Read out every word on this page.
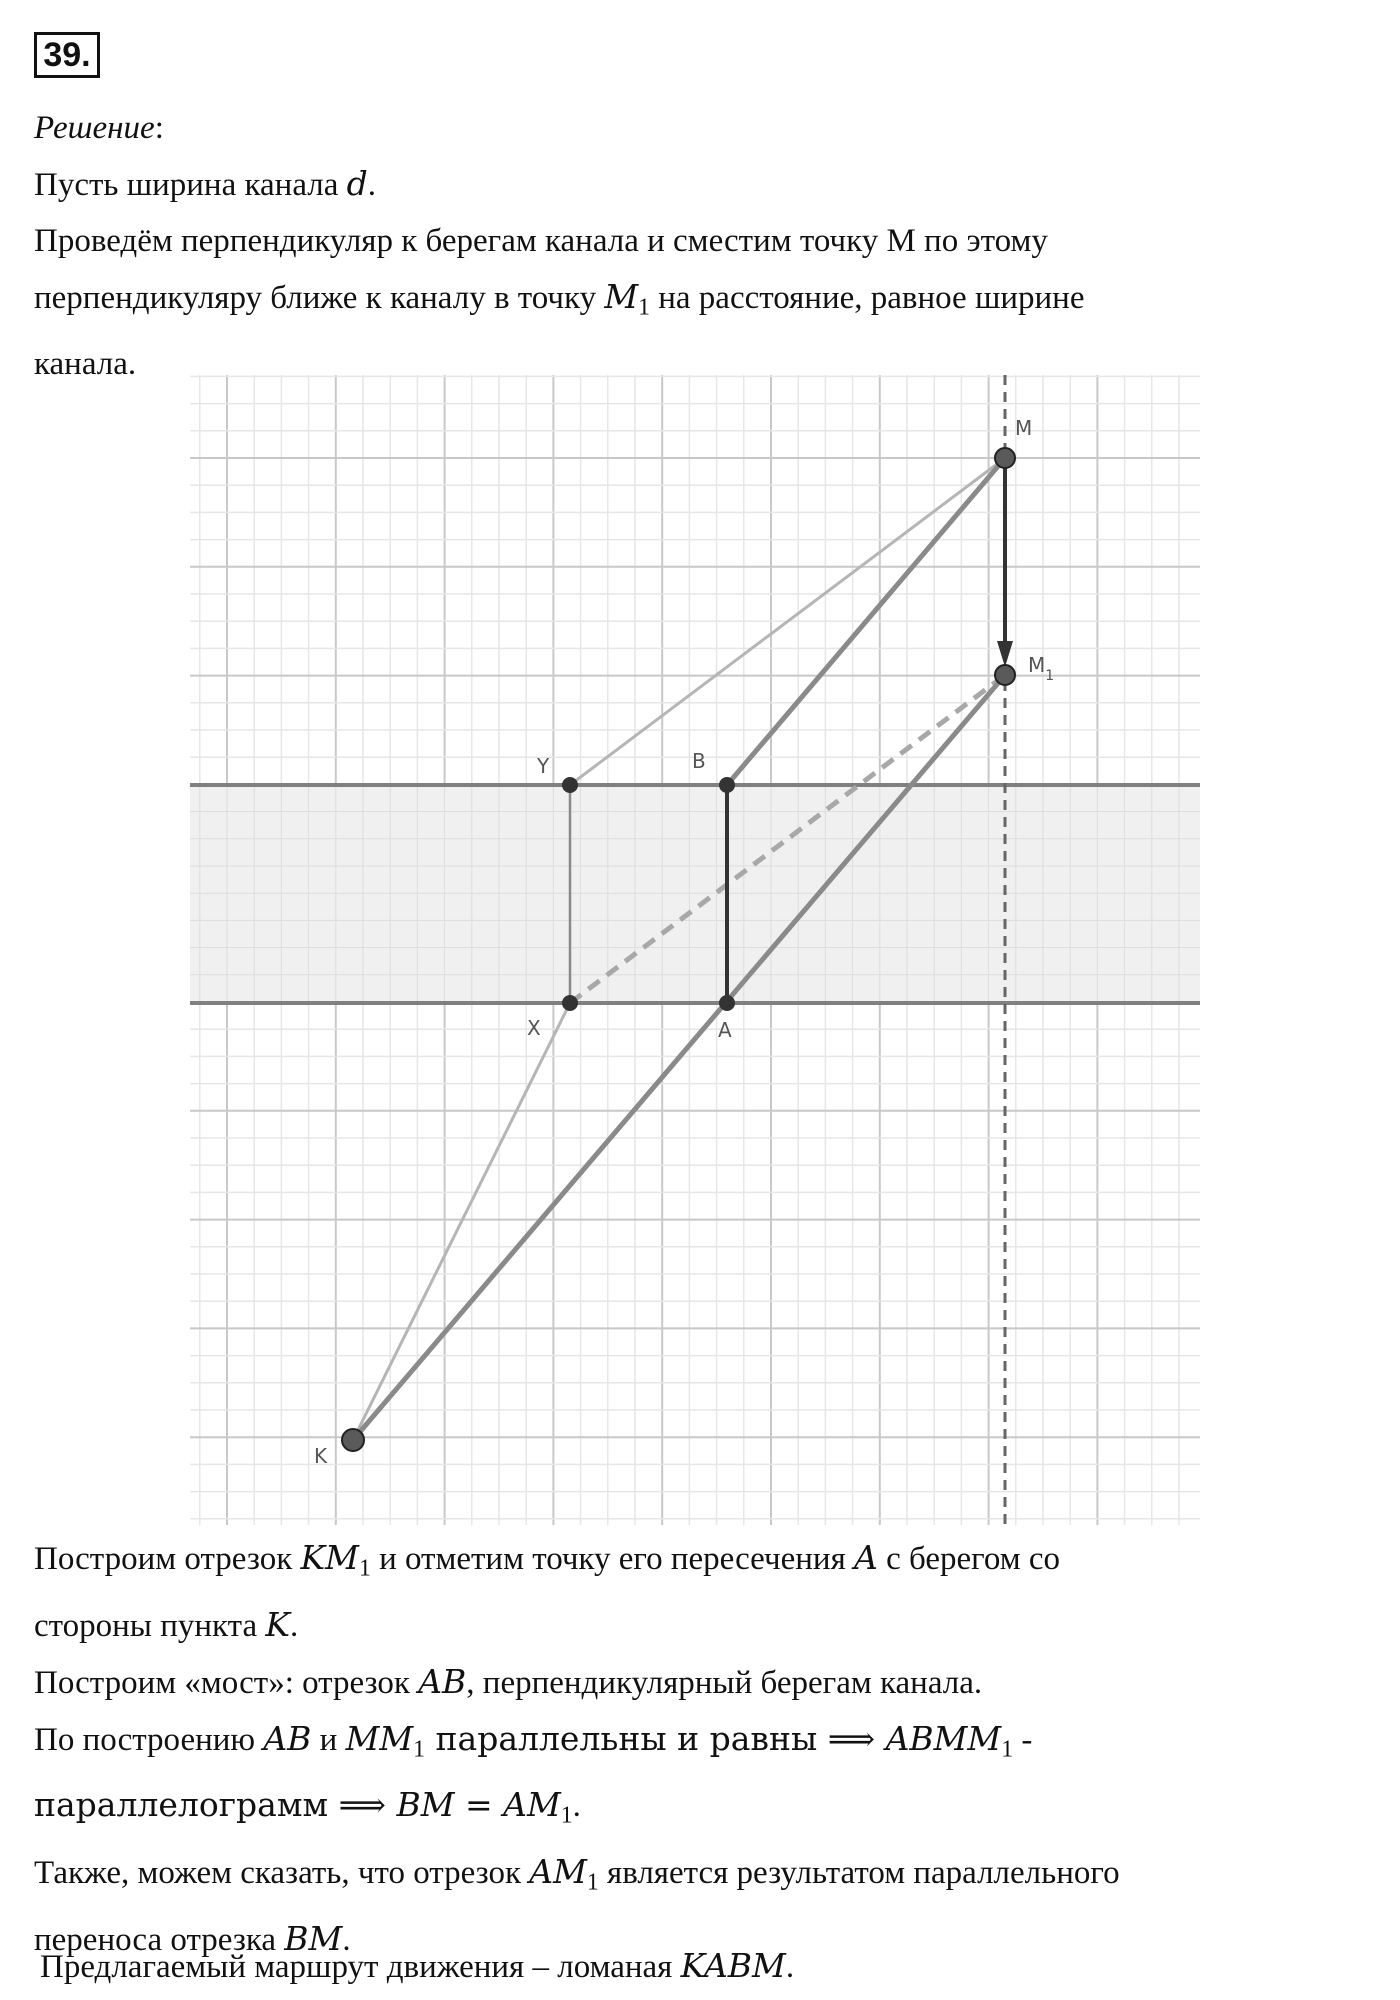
39.
Решение:
Пусть ширина канала d.
Проведём перпендикуляр к берегам канала и сместим точку M по этому
перпендикуляру ближе к каналу в точку $M_1$ на расстояние, равное ширине
канала.
M
$M_1$
Y	B
X	A
K
Построим отрезок $KM_1$ и отметим точку его пересечения A с берегом со
стороны пункта K.
Построим «мост»: отрезок AB, перпендикулярный берегам канала.
По построению AB и $MM_1$ параллельны и равны ⟹ $ABMM_1$ -
параллелограмм ⟹ BM = $AM_1$.
Также, можем сказать, что отрезок $AM_1$ является результатом параллельного
переноса отрезка BM.
Предлагаемый маршрут движения – ломаная KABM.
